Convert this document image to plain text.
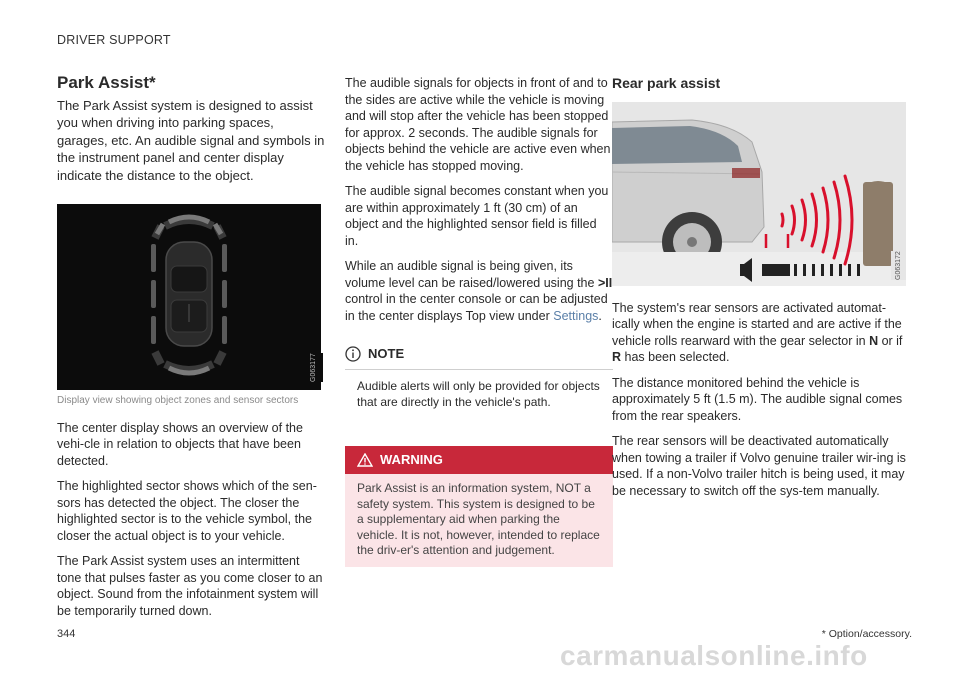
DRIVER SUPPORT
Park Assist*

The Park Assist system is designed to assist you when driving into parking spaces, garages, etc. An audible signal and symbols in the instrument panel and center display indicate the distance to the object.

G063177

Display view showing object zones and sensor sectors

The center display shows an overview of the vehi-cle in relation to objects that have been detected.

The highlighted sector shows which of the sen-sors has detected the object. The closer the highlighted sector is to the vehicle symbol, the closer the actual object is to your vehicle.

The Park Assist system uses an intermittent tone that pulses faster as you come closer to an object. Sound from the infotainment system will be temporarily turned down.

The audible signals for objects in front of and to the sides are active while the vehicle is moving and will stop after the vehicle has been stopped for approx. 2 seconds. The audible signals for objects behind the vehicle are active even when the vehicle has stopped moving.

The audible signal becomes constant when you are within approximately 1 ft (30 cm) of an object and the highlighted sensor field is filled in.

While an audible signal is being given, its volume level can be raised/lowered using the >II control in the center console or can be adjusted in the center displays Top view under Settings.

NOTE
Audible alerts will only be provided for objects that are directly in the vehicle's path.
WARNING
Park Assist is an information system, NOT a safety system. This system is designed to be a supplementary aid when parking the vehicle. It is not, however, intended to replace the driv-er's attention and judgement.
Rear park assist
G063172

The system's rear sensors are activated automat-ically when the engine is started and are active if the vehicle rolls rearward with the gear selector in N or if R has been selected.

The distance monitored behind the vehicle is approximately 5 ft (1.5 m). The audible signal comes from the rear speakers.

The rear sensors will be deactivated automatically when towing a trailer if Volvo genuine trailer wir-ing is used. If a non-Volvo trailer hitch is being used, it may be necessary to switch off the sys-tem manually.

344	* Option/accessory.
carmanualsonline.info
